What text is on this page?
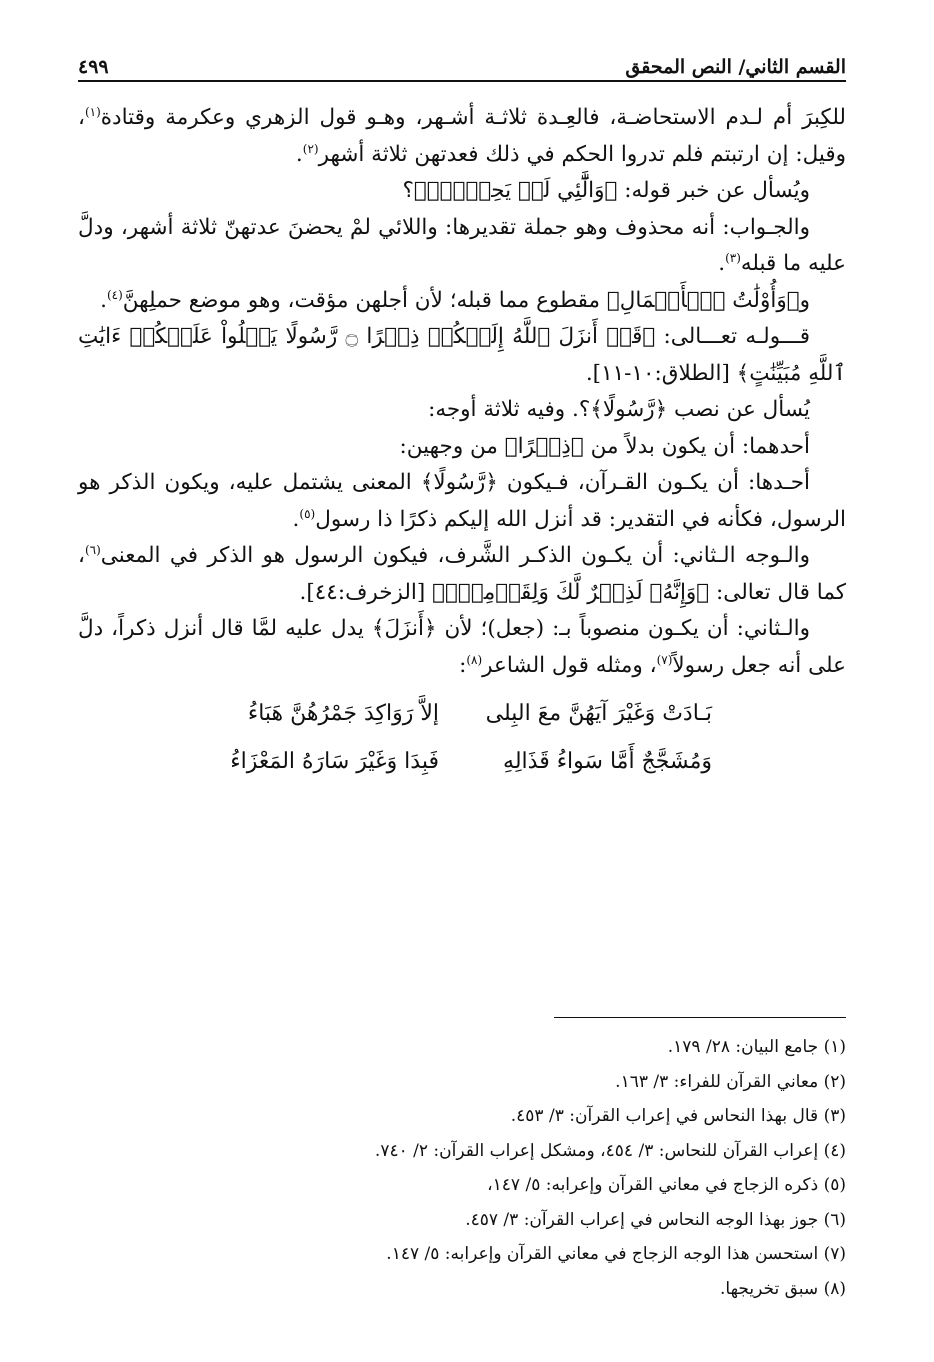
القسم الثاني/ النص المحقق
٤٩٩

للكِبرَ أم لـدم الاستحاضـة، فالعِـدة ثلاثـة أشـهر، وهـو قول الزهري وعكرمة وقتادة$^{(١)}$، وقيل: إن ارتبتم فلم تدروا الحكم في ذلك فعدتهن ثلاثة أشهر$^{(٢)}$.

ويُسأل عن خبر قوله: ﴿وَالَّٰٓئِي لَمۡ يَحِضۡنَۚ﴾؟

والجـواب: أنه محذوف وهو جملة تقديرها: واللائي لمْ يحضنَ عدتهنّ ثلاثة أشهر، ودلَّ عليه ما قبله$^{(٣)}$.

و﴿وَأُوْلَٰتُ ٱلۡأَحۡمَالِ﴾ مقطوع مما قبله؛ لأن أجلهن مؤقت، وهو موضع حملِهنَّ$^{(٤)}$.

قـــولـه تعـــالى: ﴿قَدۡ أَنزَلَ ٱللَّهُ إِلَيۡكُمۡ ذِكۡرًا ۝ رَّسُولًا يَتۡلُواْ عَلَيۡكُمۡ ءَايَٰتِ ٱللَّهِ مُبَيِّنَٰتٍ﴾ [الطلاق:١٠-١١].

يُسأل عن نصب ﴿رَّسُولًا﴾؟. وفيه ثلاثة أوجه:

أحدهما: أن يكون بدلاً من ﴿ذِكۡرًا﴾ من وجهين:

أحـدها: أن يكـون القـرآن، فـيكون ﴿رَّسُولًا﴾ المعنى يشتمل عليه، ويكون الذكر هو الرسول، فكأنه في التقدير: قد أنزل الله إليكم ذكرًا ذا رسول$^{(٥)}$.

والـوجه الـثاني: أن يكـون الذكـر الشَّرف، فيكون الرسول هو الذكر في المعنى$^{(٦)}$، كما قال تعالى: ﴿وَإِنَّهُۥ لَذِكۡرٌ لَّكَ وَلِقَوۡمِكَۖ﴾ [الزخرف:٤٤].

والـثاني: أن يكـون منصوباً بـ: (جعل)؛ لأن ﴿أَنزَلَ﴾ يدل عليه لمَّا قال أنزل ذكراً، دلَّ على أنه جعل رسولاً$^{(٧)}$، ومثله قول الشاعر$^{(٨)}$:

بَـادَتْ وَغَيْرَ آيَهُنَّ معَ البِلى
إلاَّ رَوَاكِدَ جَمْرُهُنَّ هَبَاءُ
وَمُشَجَّجٌ أَمَّا سَواءُ قَذَالِهِ
فَبِدَا وَغَيْرَ سَارَهُ المَعْزَاءُ
(١) جامع البيان: ٢٨/ ١٧٩.
(٢) معاني القرآن للفراء: ٣/ ١٦٣.
(٣) قال بهذا النحاس في إعراب القرآن: ٣/ ٤٥٣.
(٤) إعراب القرآن للنحاس: ٣/ ٤٥٤، ومشكل إعراب القرآن: ٢/ ٧٤٠.
(٥) ذكره الزجاج في معاني القرآن وإعرابه: ٥/ ١٤٧،
(٦) جوز بهذا الوجه النحاس في إعراب القرآن: ٣/ ٤٥٧.
(٧) استحسن هذا الوجه الزجاج في معاني القرآن وإعرابه: ٥/ ١٤٧.
(٨) سبق تخريجها.
